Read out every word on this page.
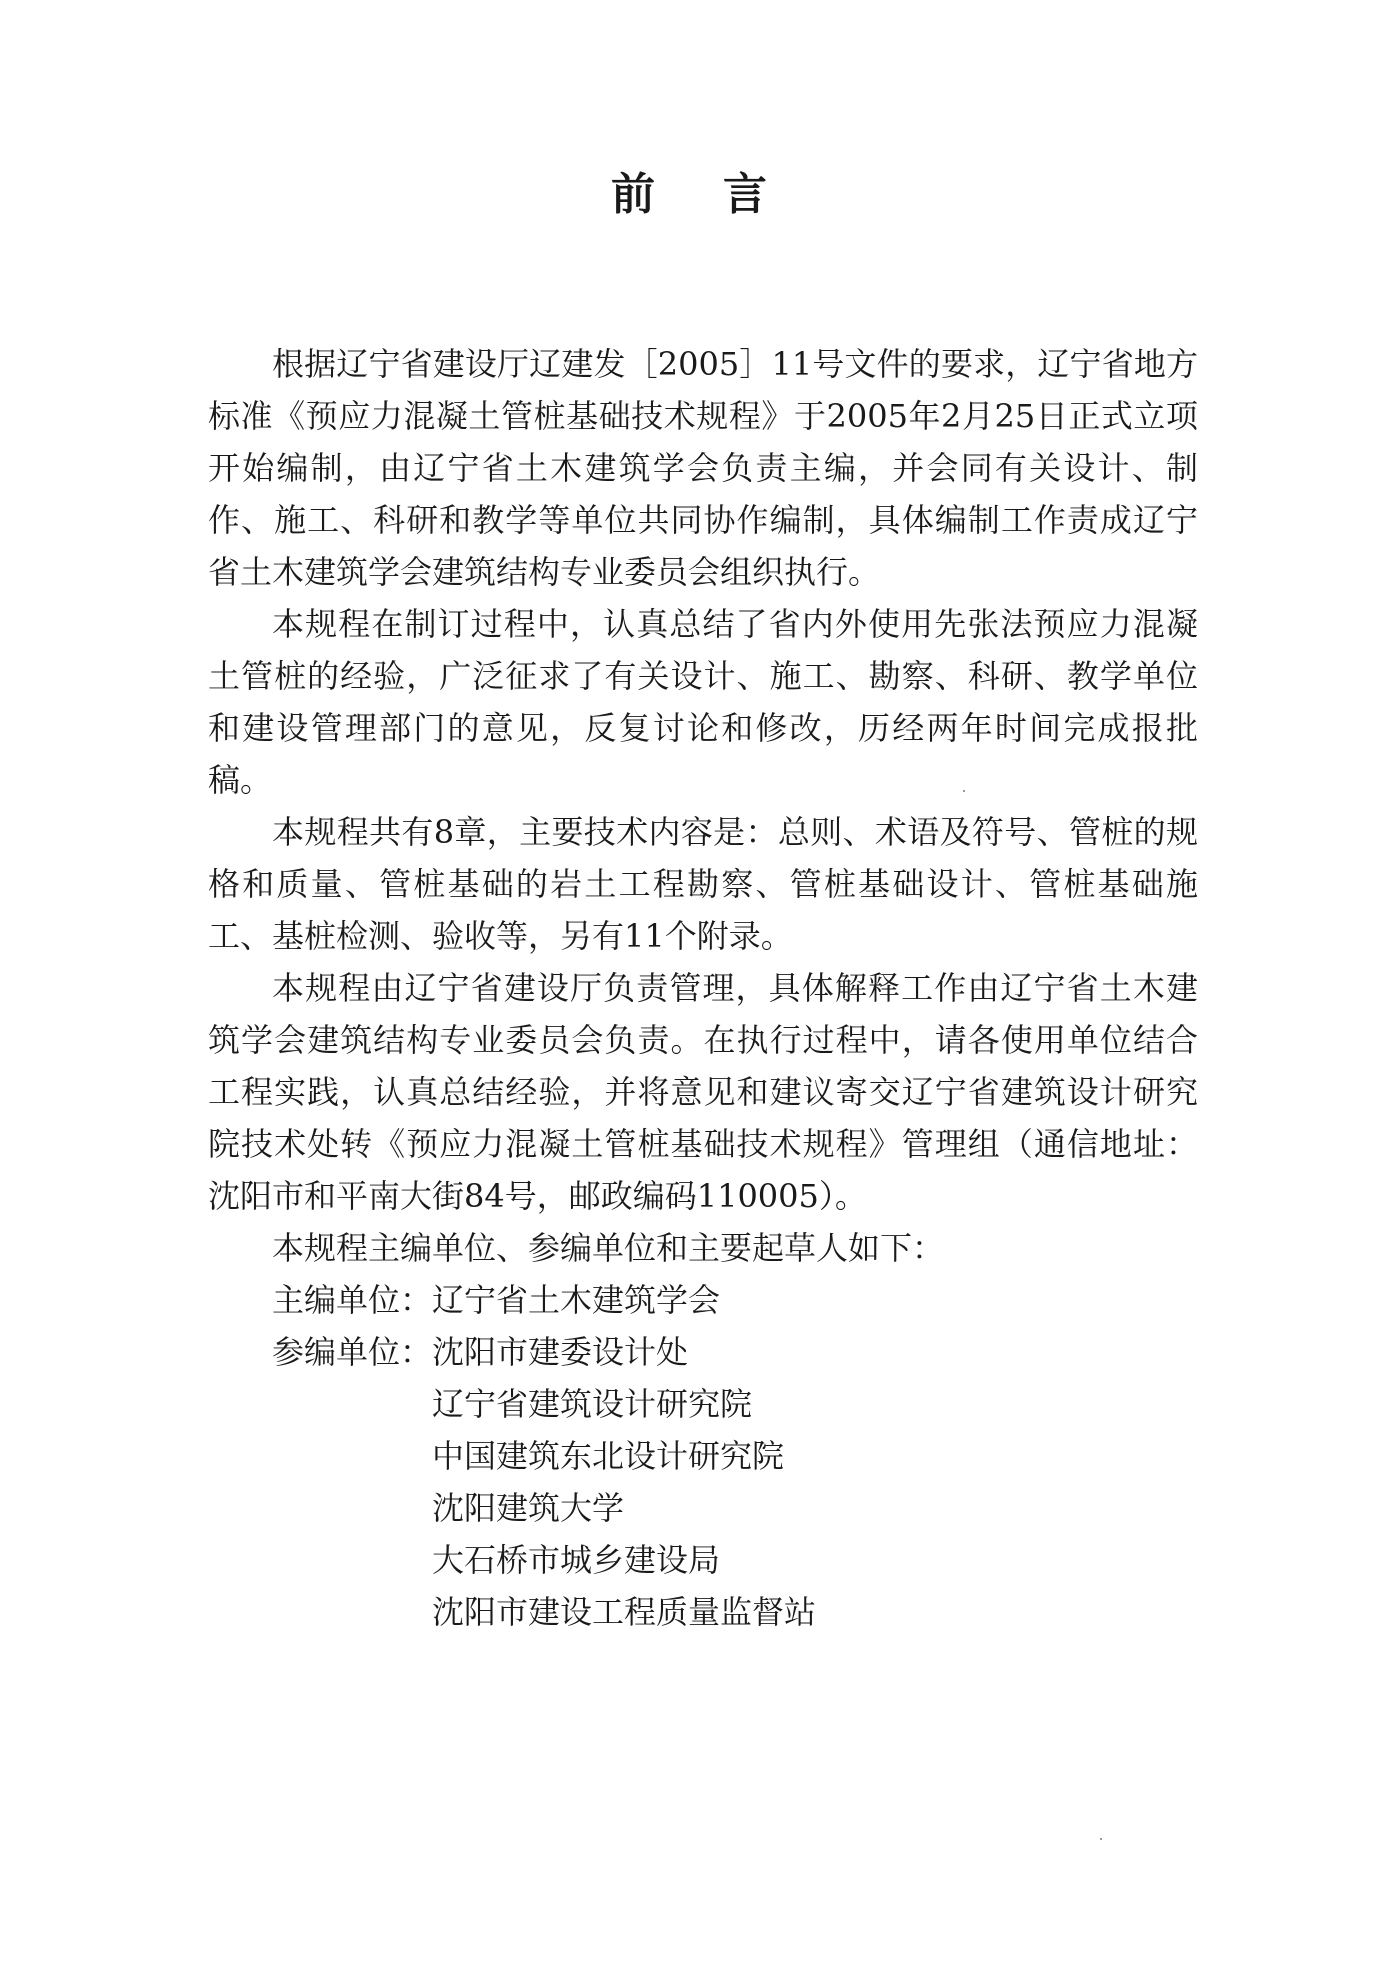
前言

根据辽宁省建设厅辽建发［2005］11号文件的要求，辽宁省地方标准《预应力混凝土管桩基础技术规程》于2005年2月25日正式立项开始编制，由辽宁省土木建筑学会负责主编，并会同有关设计、制作、施工、科研和教学等单位共同协作编制，具体编制工作责成辽宁省土木建筑学会建筑结构专业委员会组织执行。

本规程在制订过程中，认真总结了省内外使用先张法预应力混凝土管桩的经验，广泛征求了有关设计、施工、勘察、科研、教学单位和建设管理部门的意见，反复讨论和修改，历经两年时间完成报批稿。

本规程共有8章，主要技术内容是：总则、术语及符号、管桩的规格和质量、管桩基础的岩土工程勘察、管桩基础设计、管桩基础施工、基桩检测、验收等，另有11个附录。

本规程由辽宁省建设厅负责管理，具体解释工作由辽宁省土木建筑学会建筑结构专业委员会负责。在执行过程中，请各使用单位结合工程实践，认真总结经验，并将意见和建议寄交辽宁省建筑设计研究院技术处转《预应力混凝土管桩基础技术规程》管理组（通信地址：沈阳市和平南大街84号，邮政编码110005）。

本规程主编单位、参编单位和主要起草人如下：

主编单位： 辽宁省土木建筑学会
参编单位： 沈阳市建委设计处
辽宁省建筑设计研究院
中国建筑东北设计研究院
沈阳建筑大学
大石桥市城乡建设局
沈阳市建设工程质量监督站
